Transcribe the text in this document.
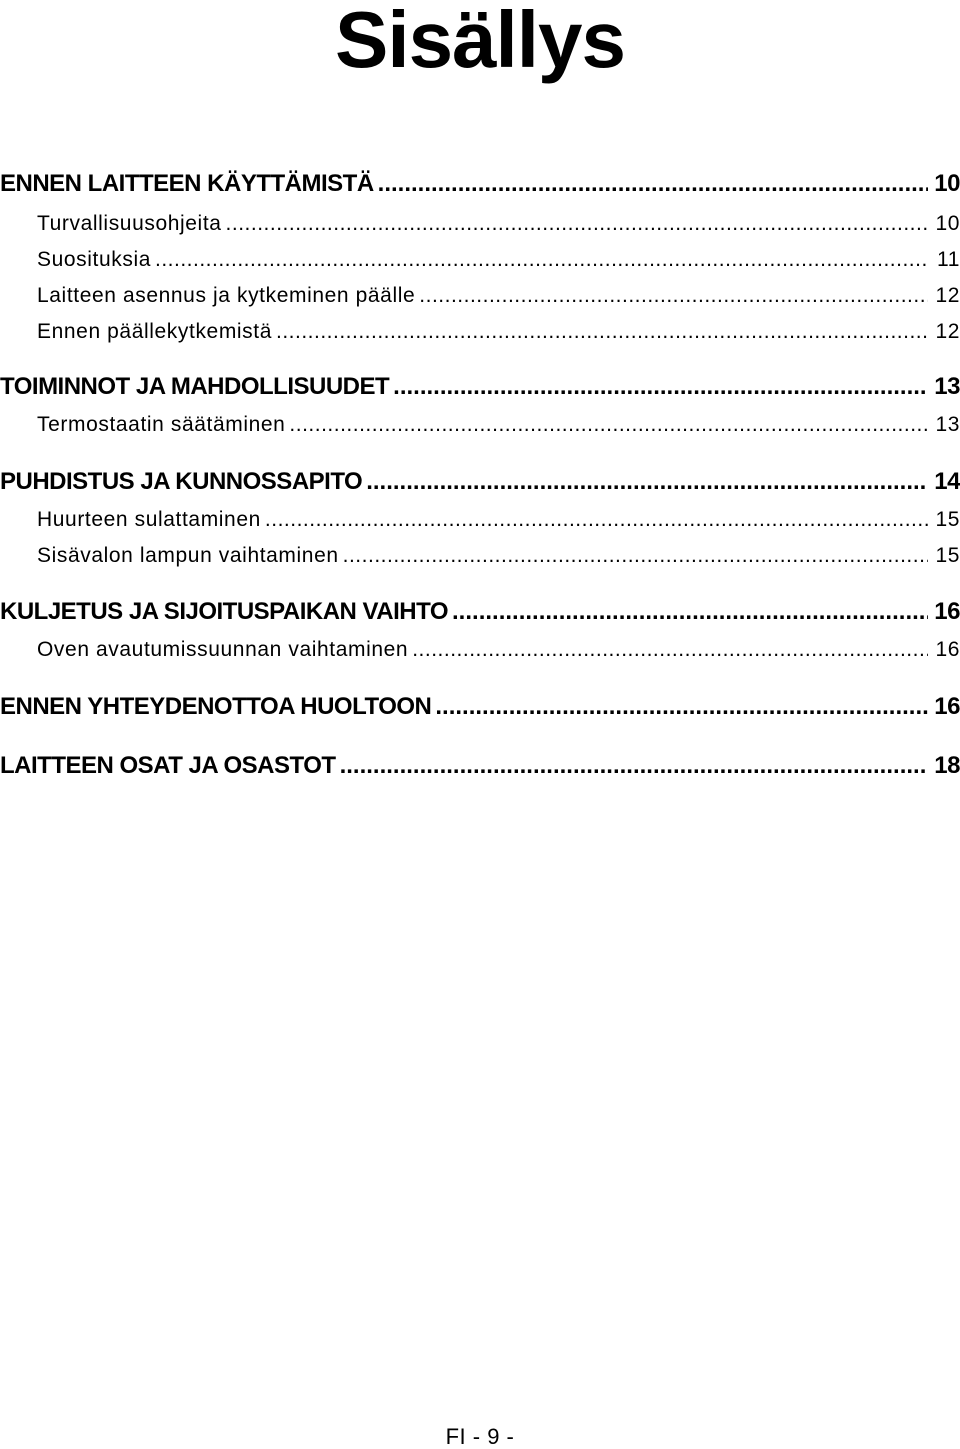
Sisällys
ENNEN LAITTEEN KÄYTTÄMISTÄ .....	10
Turvallisuusohjeita .....	10
Suosituksia .....	11
Laitteen asennus ja kytkeminen päälle .....	12
Ennen päällekytkemistä .....	12
TOIMINNOT JA MAHDOLLISUUDET .....	13
Termostaatin säätäminen .....	13
PUHDISTUS JA KUNNOSSAPITO .....	14
Huurteen sulattaminen .....	15
Sisävalon lampun vaihtaminen .....	15
KULJETUS JA SIJOITUSPAIKAN VAIHTO .....	16
Oven avautumissuunnan vaihtaminen .....	16
ENNEN YHTEYDENOTTOA HUOLTOON .....	16
LAITTEEN OSAT JA OSASTOT .....	18
FI - 9 -
